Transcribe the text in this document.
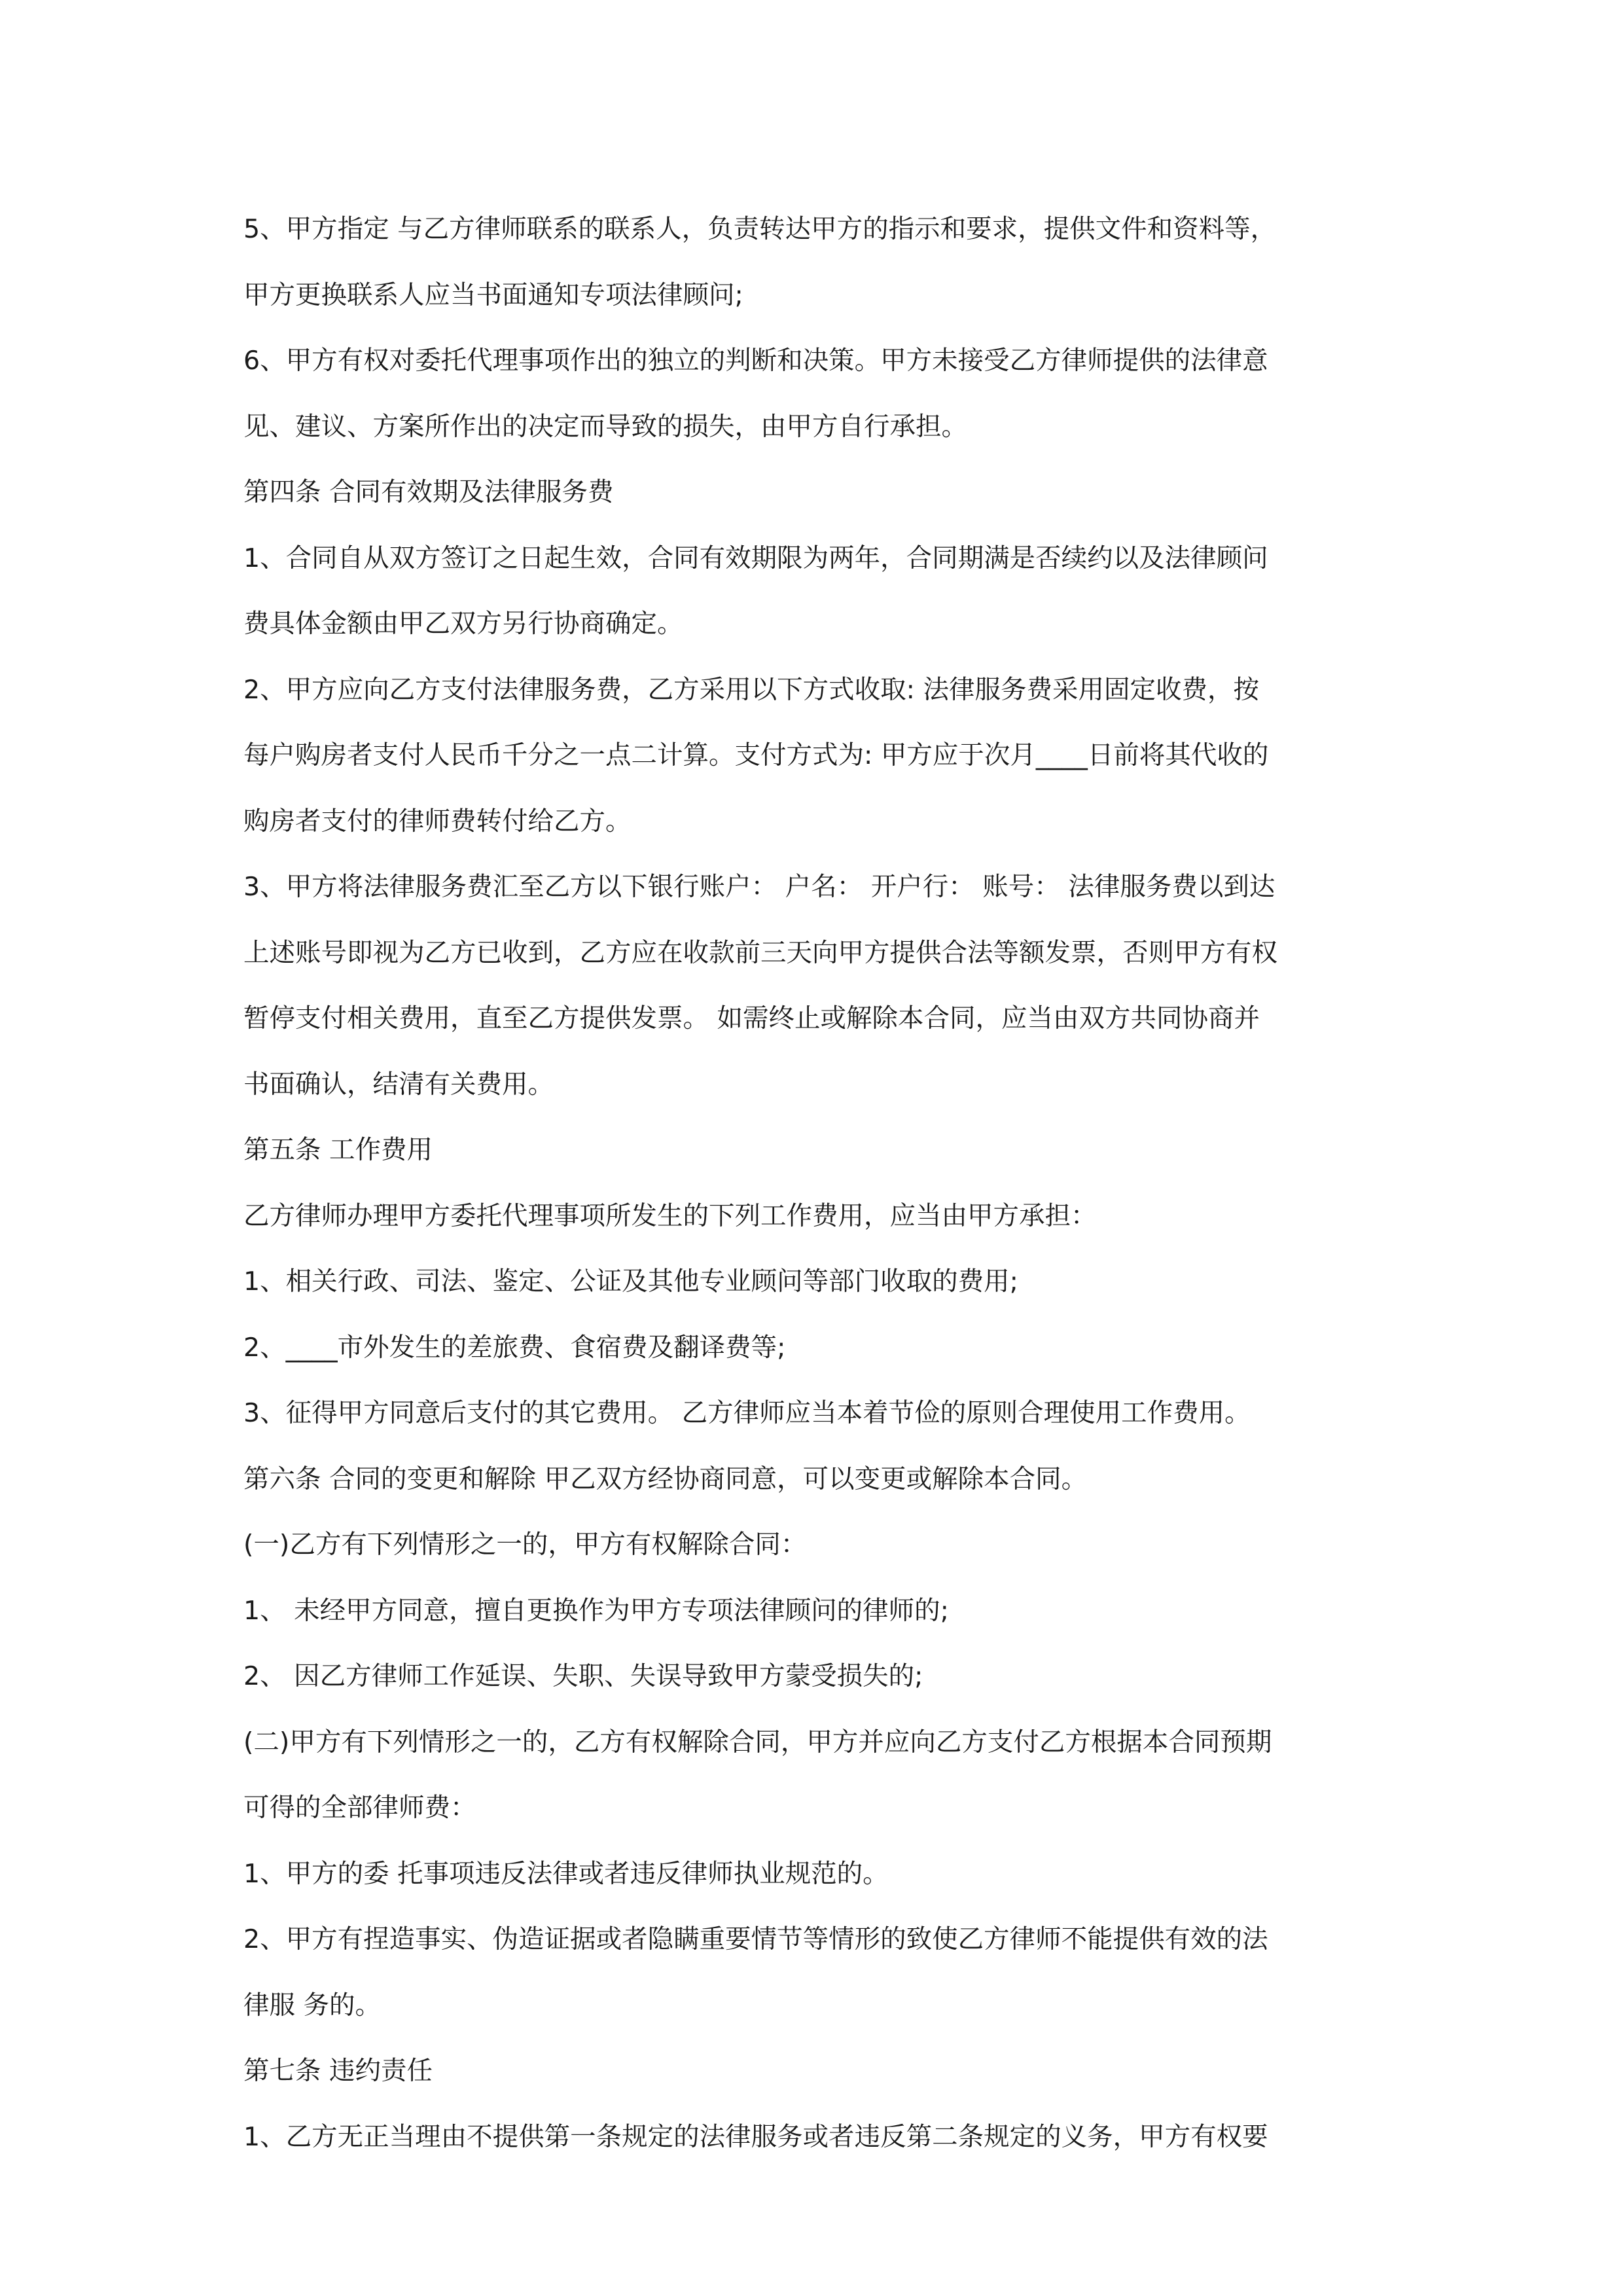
5、甲方指定 与乙方律师联系的联系人，负责转达甲方的指示和要求，提供文件和资料等，
甲方更换联系人应当书面通知专项法律顾问;
6、甲方有权对委托代理事项作出的独立的判断和决策。甲方未接受乙方律师提供的法律意
见、建议、方案所作出的决定而导致的损失，由甲方自行承担。
第四条 合同有效期及法律服务费
1、合同自从双方签订之日起生效，合同有效期限为两年，合同期满是否续约以及法律顾问
费具体金额由甲乙双方另行协商确定。
2、甲方应向乙方支付法律服务费，乙方采用以下方式收取: 法律服务费采用固定收费，按
每户购房者支付人民币千分之一点二计算。支付方式为: 甲方应于次月____日前将其代收的
购房者支付的律师费转付给乙方。
3、甲方将法律服务费汇至乙方以下银行账户： 户名： 开户行： 账号： 法律服务费以到达
上述账号即视为乙方已收到，乙方应在收款前三天向甲方提供合法等额发票，否则甲方有权
暂停支付相关费用，直至乙方提供发票。 如需终止或解除本合同，应当由双方共同协商并
书面确认，结清有关费用。
第五条 工作费用
乙方律师办理甲方委托代理事项所发生的下列工作费用，应当由甲方承担：
1、相关行政、司法、鉴定、公证及其他专业顾问等部门收取的费用;
2、____市外发生的差旅费、食宿费及翻译费等;
3、征得甲方同意后支付的其它费用。 乙方律师应当本着节俭的原则合理使用工作费用。
第六条 合同的变更和解除 甲乙双方经协商同意，可以变更或解除本合同。
(一)乙方有下列情形之一的，甲方有权解除合同：
1、 未经甲方同意，擅自更换作为甲方专项法律顾问的律师的;
2、 因乙方律师工作延误、失职、失误导致甲方蒙受损失的;
(二)甲方有下列情形之一的，乙方有权解除合同，甲方并应向乙方支付乙方根据本合同预期
可得的全部律师费：
1、甲方的委 托事项违反法律或者违反律师执业规范的。
2、甲方有捏造事实、伪造证据或者隐瞒重要情节等情形的致使乙方律师不能提供有效的法
律服 务的。
第七条 违约责任
1、乙方无正当理由不提供第一条规定的法律服务或者违反第二条规定的义务，甲方有权要
